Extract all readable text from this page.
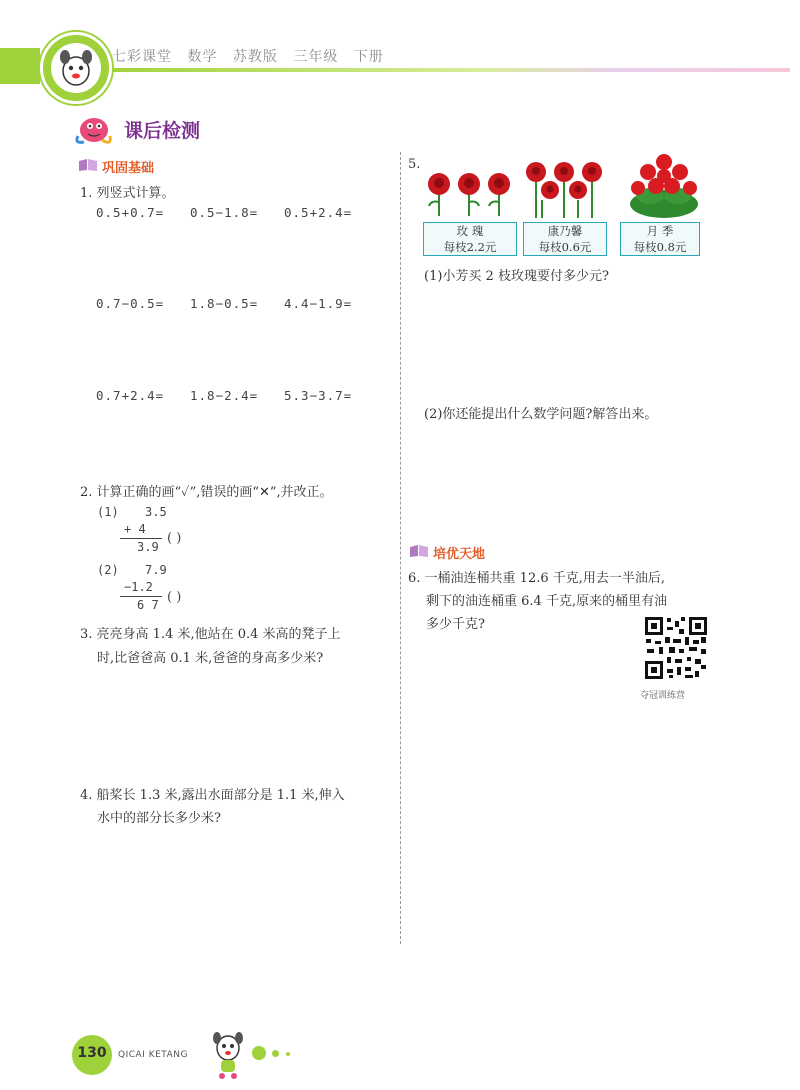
七彩课堂 数学 苏教版 三年级 下册
课后检测
巩固基础
1. 列竖式计算。
0.5+0.7= 0.5−1.8= 0.5+2.4=
0.7−0.5= 1.8−0.5= 4.4−1.9=
0.7+2.4= 1.8−2.4= 5.3−3.7=
2. 计算正确的画“✓”,错误的画“✕”,并改正。
(1) 3.5
+ 4
3.9
( )
(2) 7.9
−1.2
6 7 ( )
3. 亮亮身高 1.4 米,他站在 0.4 米高的凳子上
时,比爸爸高 0.1 米,爸爸的身高多少米?
4. 船桨长 1.3 米,露出水面部分是 1.1 米,伸入
水中的部分长多少米?
5.
玫 瑰
每枝2.2元
康乃馨
每枝0.6元
月 季
每枝0.8元
(1)小芳买 2 枝玫瑰要付多少元?
(2)你还能提出什么数学问题?解答出来。
培优天地
6. 一桶油连桶共重 12.6 千克,用去一半油后,
剩下的油连桶重 6.4 千克,原来的桶里有油
多少千克?
夺冠训练营
130	QICAI KETANG
